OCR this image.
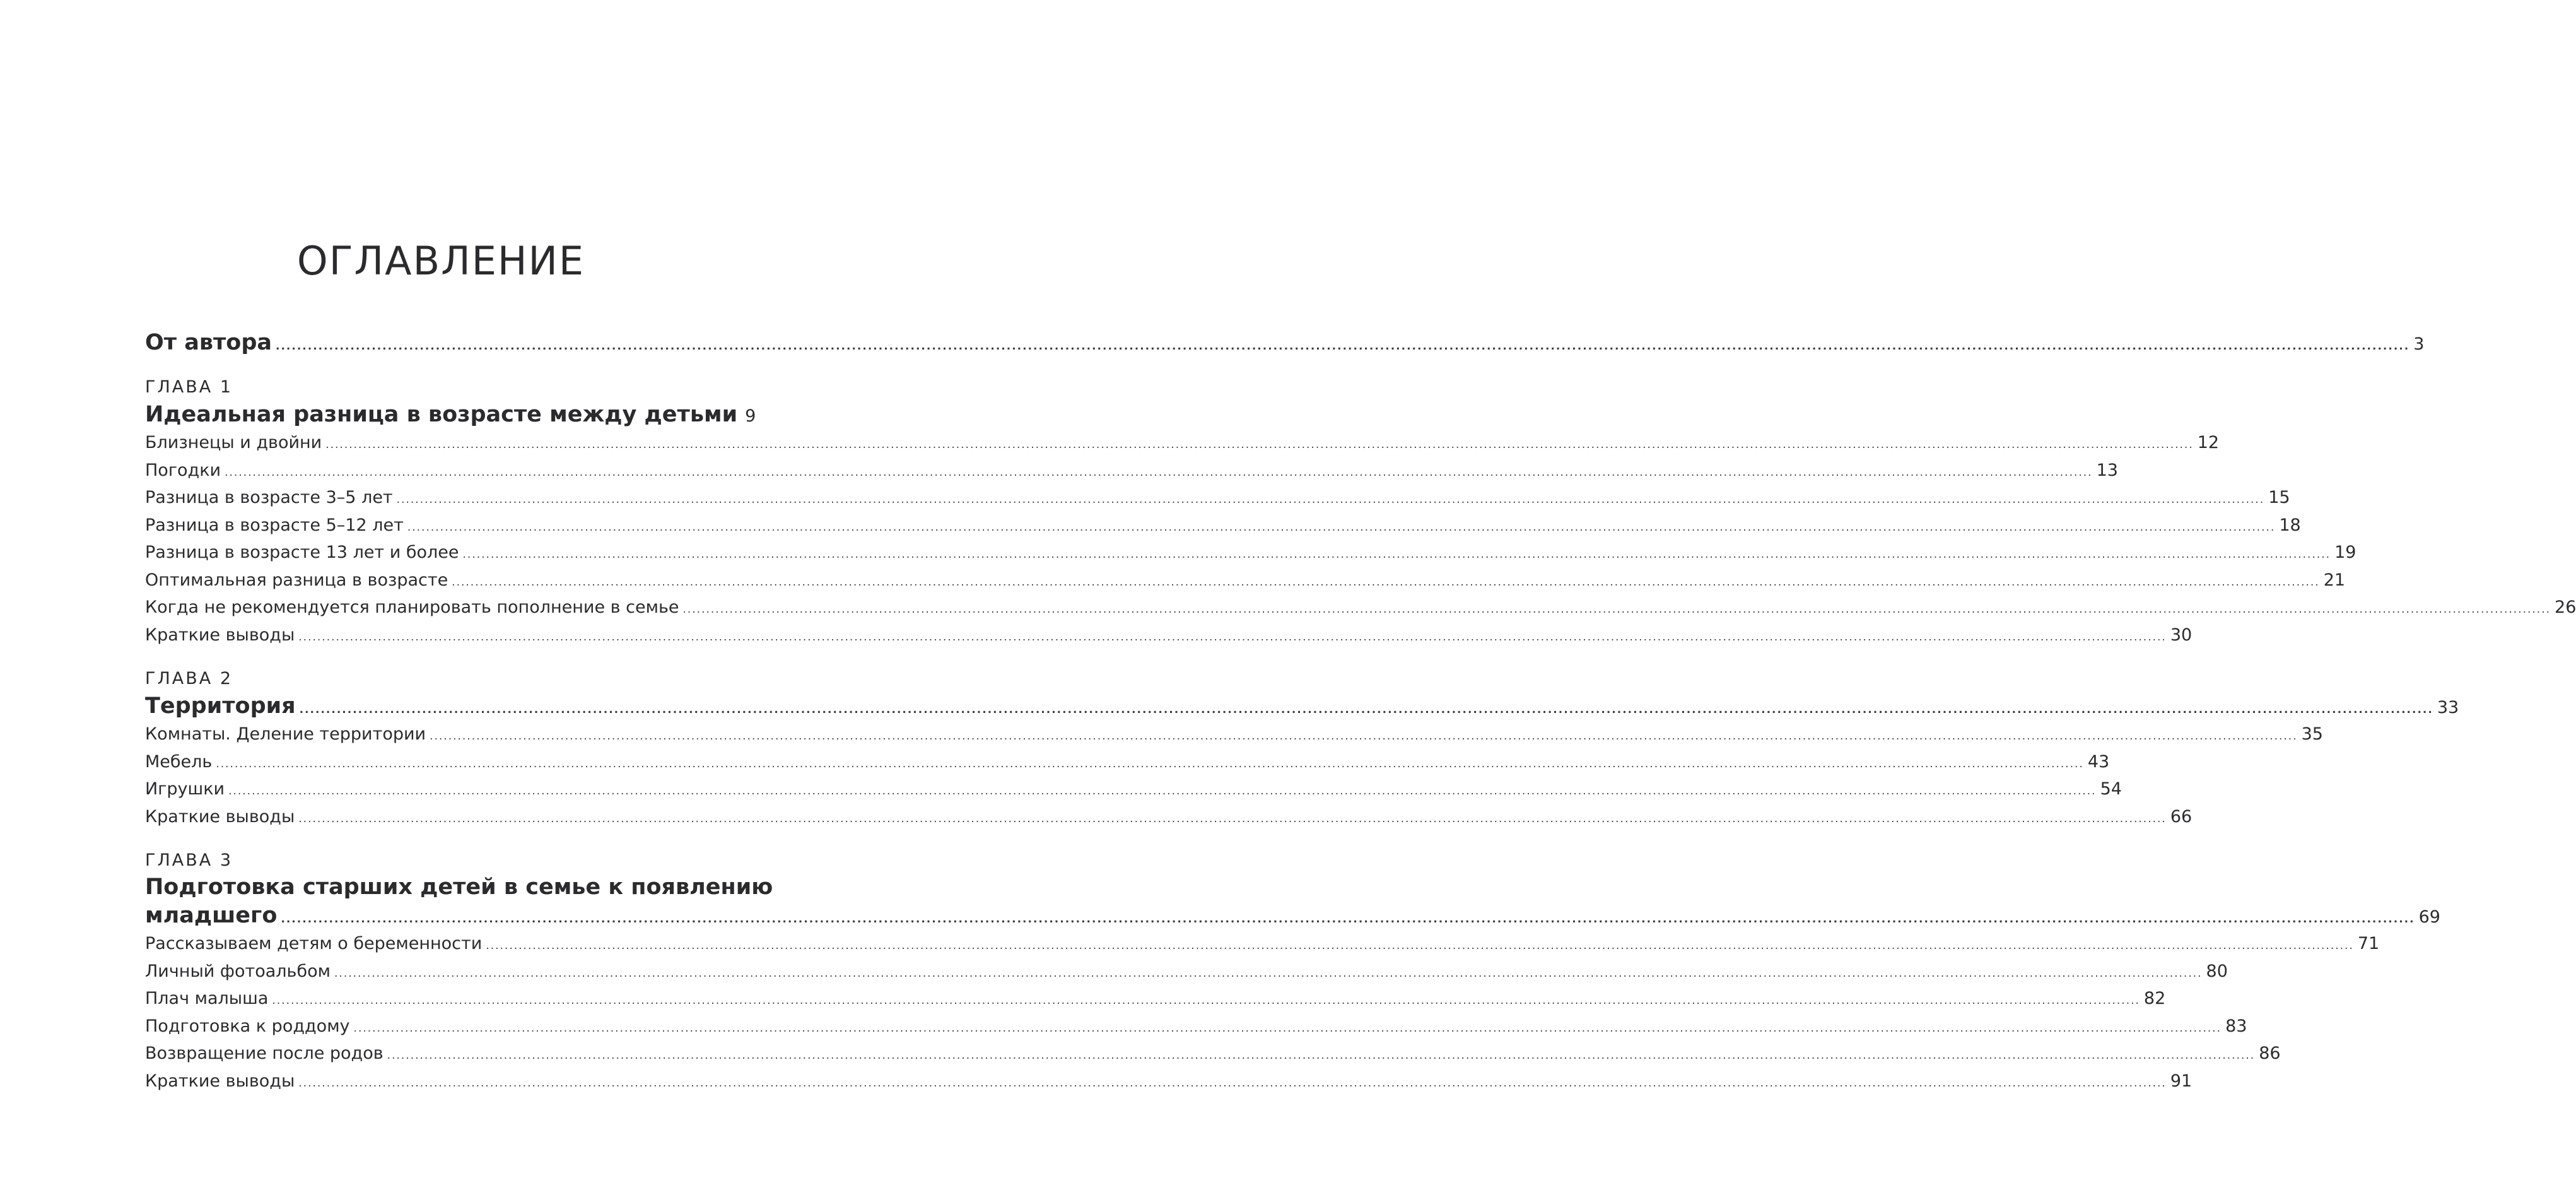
ОГЛАВЛЕНИЕ
От автора ................................................................................................................................................................................................................................................................................................................................................................................................................ 3
ГЛАВА 1
Идеальная разница в возрасте между детьми 9
Близнецы и двойни ................................................................................................................................................................................................................................................................................................................................................................................................................ 12
Погодки ................................................................................................................................................................................................................................................................................................................................................................................................................ 13
Разница в возрасте 3–5 лет ................................................................................................................................................................................................................................................................................................................................................................................................................ 15
Разница в возрасте 5–12 лет ................................................................................................................................................................................................................................................................................................................................................................................................................ 18
Разница в возрасте 13 лет и более ................................................................................................................................................................................................................................................................................................................................................................................................................ 19
Оптимальная разница в возрасте ................................................................................................................................................................................................................................................................................................................................................................................................................ 21
Когда не рекомендуется планировать пополнение в семье ................................................................................................................................................................................................................................................................................................................................................................................................................ 26
Краткие выводы ................................................................................................................................................................................................................................................................................................................................................................................................................ 30
ГЛАВА 2
Территория ................................................................................................................................................................................................................................................................................................................................................................................................................ 33
Комнаты. Деление территории ................................................................................................................................................................................................................................................................................................................................................................................................................ 35
Мебель ................................................................................................................................................................................................................................................................................................................................................................................................................ 43
Игрушки ................................................................................................................................................................................................................................................................................................................................................................................................................ 54
Краткие выводы ................................................................................................................................................................................................................................................................................................................................................................................................................ 66
ГЛАВА 3
Подготовка старших детей в семье к появлению
младшего ................................................................................................................................................................................................................................................................................................................................................................................................................ 69
Рассказываем детям о беременности ................................................................................................................................................................................................................................................................................................................................................................................................................ 71
Личный фотоальбом ................................................................................................................................................................................................................................................................................................................................................................................................................ 80
Плач малыша ................................................................................................................................................................................................................................................................................................................................................................................................................ 82
Подготовка к роддому ................................................................................................................................................................................................................................................................................................................................................................................................................ 83
Возвращение после родов ................................................................................................................................................................................................................................................................................................................................................................................................................ 86
Краткие выводы ................................................................................................................................................................................................................................................................................................................................................................................................................ 91
